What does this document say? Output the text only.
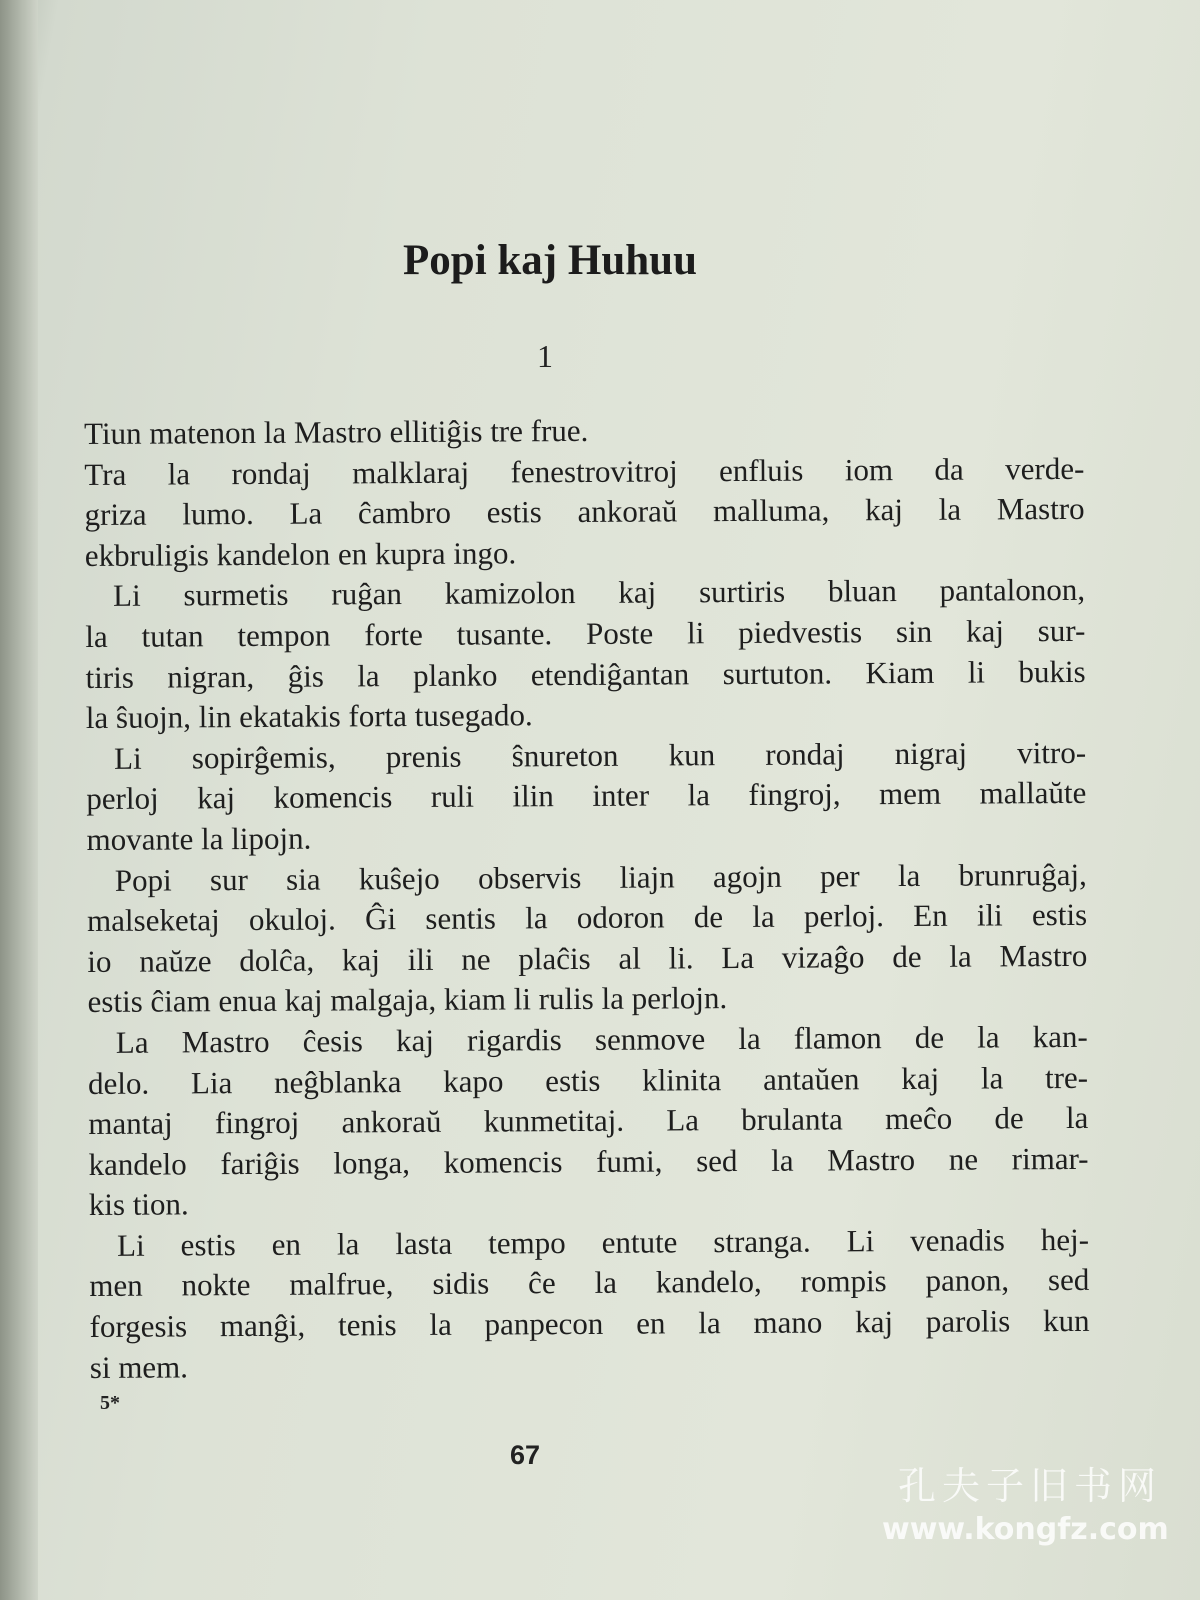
Popi kaj Huhuu
1

Tiun matenon la Mastro ellitiĝis tre frue.

Tra la rondaj malklaraj fenestrovitroj enfluis iom da verde-
griza lumo. La ĉambro estis ankoraŭ malluma, kaj la Mastro
ekbruligis kandelon en kupra ingo.

Li surmetis ruĝan kamizolon kaj surtiris bluan pantalonon,
la tutan tempon forte tusante. Poste li piedvestis sin kaj sur-
tiris nigran, ĝis la planko etendiĝantan surtuton. Kiam li bukis
la ŝuojn, lin ekatakis forta tusegado.

Li sopirĝemis, prenis ŝnureton kun rondaj nigraj vitro-
perloj kaj komencis ruli ilin inter la fingroj, mem mallaŭte
movante la lipojn.

Popi sur sia kuŝejo observis liajn agojn per la brunruĝaj,
malseketaj okuloj. Ĝi sentis la odoron de la perloj. En ili estis
io naŭze dolĉa, kaj ili ne plaĉis al li. La vizaĝo de la Mastro
estis ĉiam enua kaj malgaja, kiam li rulis la perlojn.

La Mastro ĉesis kaj rigardis senmove la flamon de la kan-
delo. Lia neĝblanka kapo estis klinita antaŭen kaj la tre-
mantaj fingroj ankoraŭ kunmetitaj. La brulanta meĉo de la
kandelo fariĝis longa, komencis fumi, sed la Mastro ne rimar-
kis tion.

Li estis en la lasta tempo entute stranga. Li venadis hej-
men nokte malfrue, sidis ĉe la kandelo, rompis panon, sed
forgesis manĝi, tenis la panpecon en la mano kaj parolis kun
si mem.

5*
67
孔夫子旧书网
www.kongfz.com
